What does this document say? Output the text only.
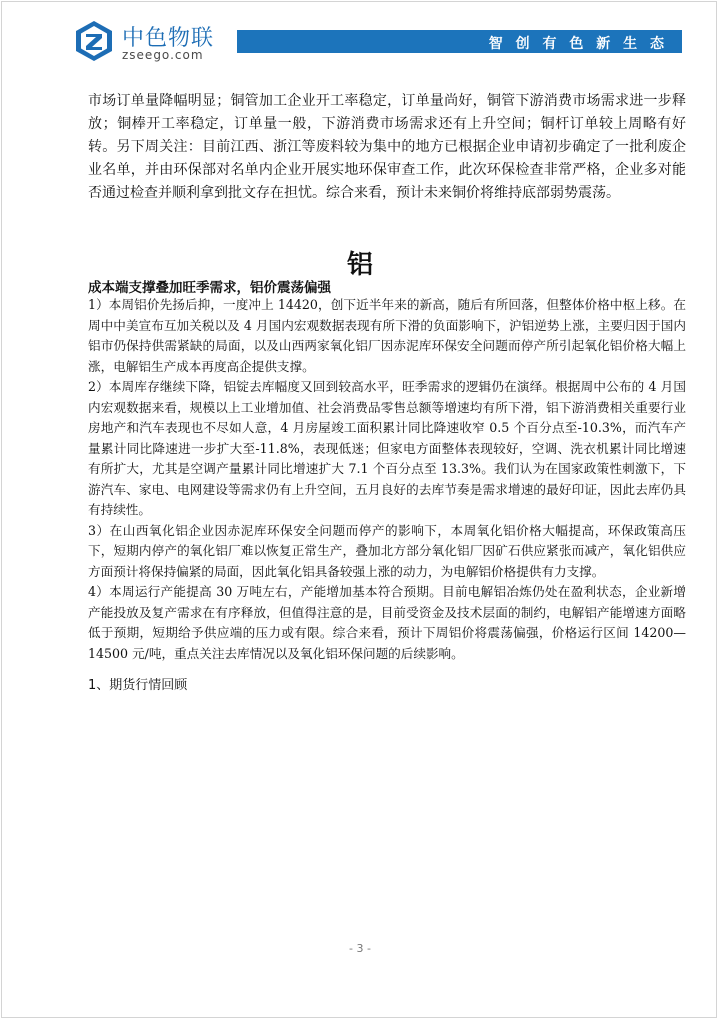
中色物联
zseego.com
智 创 有 色 新 生 态

市场订单量降幅明显；铜管加工企业开工率稳定，订单量尚好，铜管下游消费市场需求进一步释放；铜棒开工率稳定，订单量一般，下游消费市场需求还有上升空间；铜杆订单较上周略有好转。另下周关注：目前江西、浙江等废料较为集中的地方已根据企业申请初步确定了一批利废企业名单，并由环保部对名单内企业开展实地环保审查工作，此次环保检查非常严格，企业多对能否通过检查并顺利拿到批文存在担忧。综合来看，预计未来铜价将维持底部弱势震荡。

铝
成本端支撑叠加旺季需求，铝价震荡偏强

1）本周铝价先扬后抑，一度冲上 14420，创下近半年来的新高，随后有所回落，但整体价格中枢上移。在周中中美宣布互加关税以及 4 月国内宏观数据表现有所下滑的负面影响下，沪铝逆势上涨，主要归因于国内铝市仍保持供需紧缺的局面，以及山西两家氧化铝厂因赤泥库环保安全问题而停产所引起氧化铝价格大幅上涨，电解铝生产成本再度高企提供支撑。

2）本周库存继续下降，铝锭去库幅度又回到较高水平，旺季需求的逻辑仍在演绎。根据周中公布的 4 月国内宏观数据来看，规模以上工业增加值、社会消费品零售总额等增速均有所下滑，铝下游消费相关重要行业房地产和汽车表现也不尽如人意，4 月房屋竣工面积累计同比降速收窄 0.5 个百分点至-10.3%，而汽车产量累计同比降速进一步扩大至-11.8%，表现低迷；但家电方面整体表现较好，空调、洗衣机累计同比增速有所扩大，尤其是空调产量累计同比增速扩大 7.1 个百分点至 13.3%。我们认为在国家政策性刺激下，下游汽车、家电、电网建设等需求仍有上升空间，五月良好的去库节奏是需求增速的最好印证，因此去库仍具有持续性。

3）在山西氧化铝企业因赤泥库环保安全问题而停产的影响下，本周氧化铝价格大幅提高，环保政策高压下，短期内停产的氧化铝厂难以恢复正常生产，叠加北方部分氧化铝厂因矿石供应紧张而减产，氧化铝供应方面预计将保持偏紧的局面，因此氧化铝具备较强上涨的动力，为电解铝价格提供有力支撑。

4）本周运行产能提高 30 万吨左右，产能增加基本符合预期。目前电解铝冶炼仍处在盈利状态，企业新增产能投放及复产需求在有序释放，但值得注意的是，目前受资金及技术层面的制约，电解铝产能增速方面略低于预期，短期给予供应端的压力或有限。综合来看，预计下周铝价将震荡偏强，价格运行区间 14200—14500 元/吨，重点关注去库情况以及氧化铝环保问题的后续影响。

1、期货行情回顾
- 3 -
